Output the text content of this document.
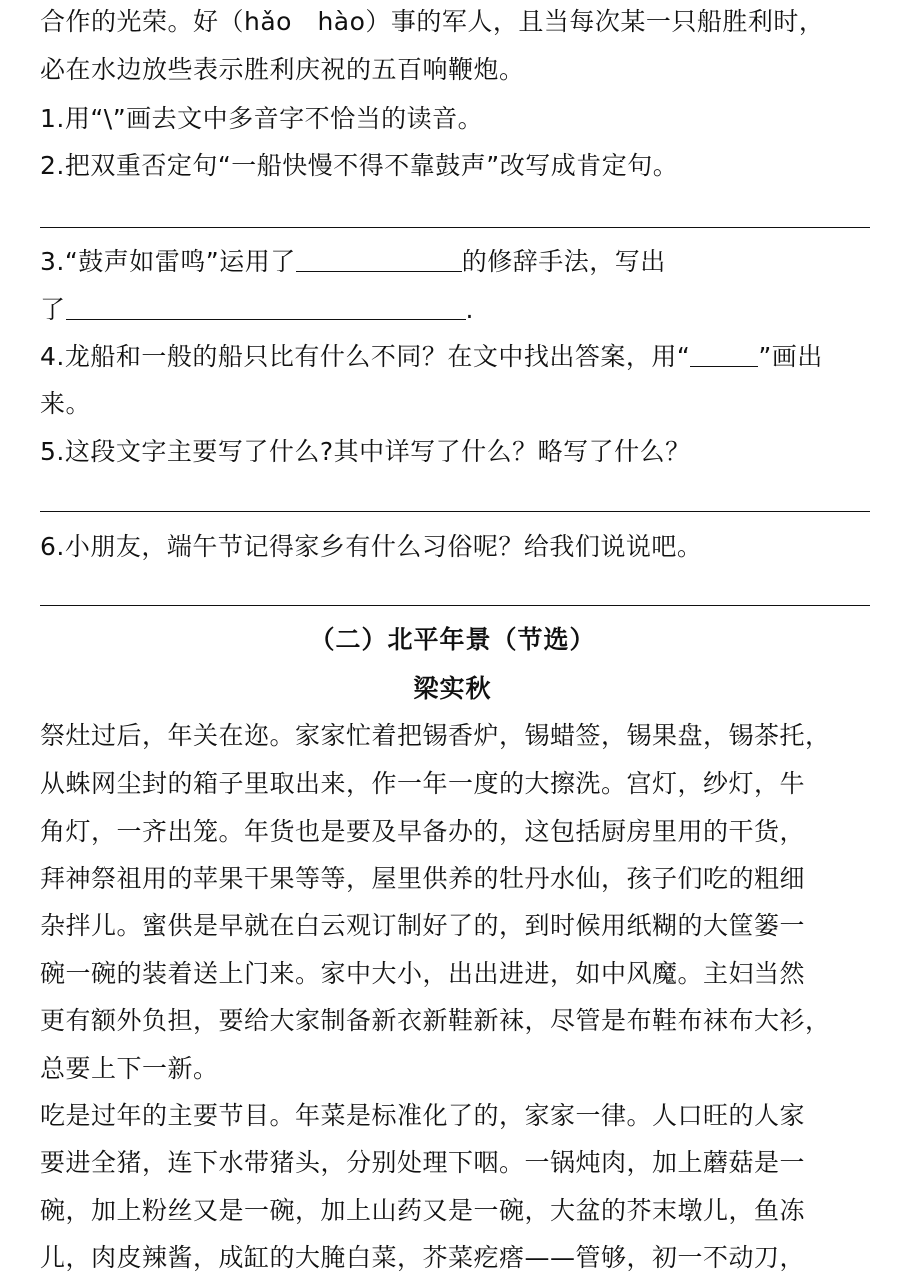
合作的光荣。好（hǎo　hào）事的军人，且当每次某一只船胜利时，
必在水边放些表示胜利庆祝的五百响鞭炮。
1.用“\”画去文中多音字不恰当的读音。
2.把双重否定句“一船快慢不得不靠鼓声”改写成肯定句。
3.“鼓声如雷鸣”运用了	的修辞手法，写出
了	.
4.龙船和一般的船只比有什么不同？在文中找出答案，用“	”画出
来。
5.这段文字主要写了什么?其中详写了什么？略写了什么？
6.小朋友，端午节记得家乡有什么习俗呢？给我们说说吧。
（二）北平年景（节选）
梁实秋
祭灶过后，年关在迩。家家忙着把锡香炉，锡蜡签，锡果盘，锡茶托，
从蛛网尘封的箱子里取出来，作一年一度的大擦洗。宫灯，纱灯，牛
角灯，一齐出笼。年货也是要及早备办的，这包括厨房里用的干货，
拜神祭祖用的苹果干果等等，屋里供养的牡丹水仙，孩子们吃的粗细
杂拌儿。蜜供是早就在白云观订制好了的，到时候用纸糊的大筐篓一
碗一碗的装着送上门来。家中大小，出出进进，如中风魔。主妇当然
更有额外负担，要给大家制备新衣新鞋新袜，尽管是布鞋布袜布大衫，
总要上下一新。
吃是过年的主要节目。年菜是标准化了的，家家一律。人口旺的人家
要进全猪，连下水带猪头，分别处理下咽。一锅炖肉，加上蘑菇是一
碗，加上粉丝又是一碗，加上山药又是一碗，大盆的芥末墩儿，鱼冻
儿，肉皮辣酱，成缸的大腌白菜，芥菜疙瘩——管够，初一不动刀，
